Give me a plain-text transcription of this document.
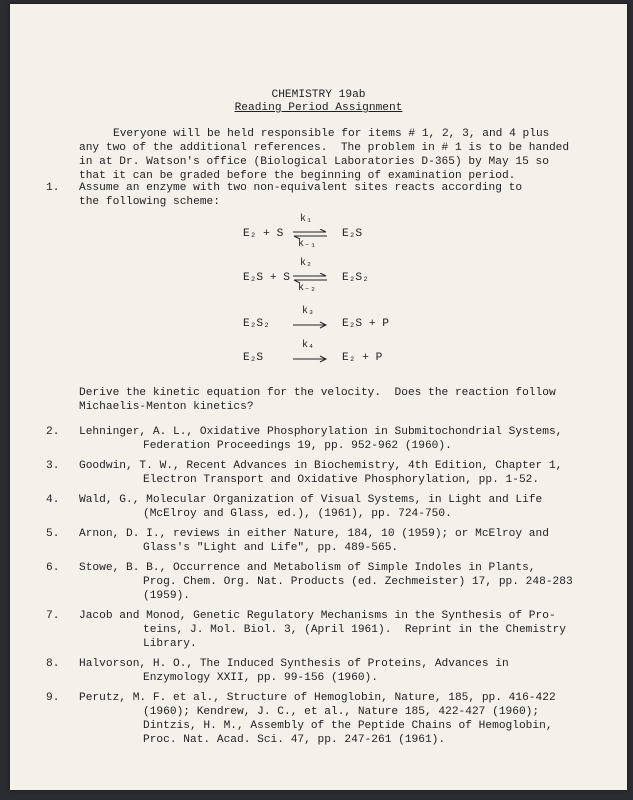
CHEMISTRY 19ab
Reading Period Assignment
Everyone will be held responsible for items # 1, 2, 3, and 4 plus
any two of the additional references.  The problem in # 1 is to be handed
in at Dr. Watson's office (Biological Laboratories D-365) by May 15 so
that it can be graded before the beginning of examination period.
1. Assume an enzyme with two non-equivalent sites reacts according to
the following scheme:
E₂ + S
k₁
k₋₁
E₂S
E₂S + S
k₂
k₋₂
E₂S₂
E₂S₂
k₃
E₂S + P
E₂S
k₄
E₂ + P
Derive the kinetic equation for the velocity.  Does the reaction follow
Michaelis-Menton kinetics?
2. Lehninger, A. L., Oxidative Phosphorylation in Submitochondrial Systems,
Federation Proceedings 19, pp. 952-962 (1960).
3. Goodwin, T. W., Recent Advances in Biochemistry, 4th Edition, Chapter 1,
Electron Transport and Oxidative Phosphorylation, pp. 1-52.
4. Wald, G., Molecular Organization of Visual Systems, in Light and Life
(McElroy and Glass, ed.), (1961), pp. 724-750.
5. Arnon, D. I., reviews in either Nature, 184, 10 (1959); or McElroy and
Glass's "Light and Life", pp. 489-565.
6. Stowe, B. B., Occurrence and Metabolism of Simple Indoles in Plants,
Prog. Chem. Org. Nat. Products (ed. Zechmeister) 17, pp. 248-283
(1959).
7. Jacob and Monod, Genetic Regulatory Mechanisms in the Synthesis of Pro-
teins, J. Mol. Biol. 3, (April 1961).  Reprint in the Chemistry
Library.
8. Halvorson, H. O., The Induced Synthesis of Proteins, Advances in
Enzymology XXII, pp. 99-156 (1960).
9. Perutz, M. F. et al., Structure of Hemoglobin, Nature, 185, pp. 416-422
(1960); Kendrew, J. C., et al., Nature 185, 422-427 (1960);
Dintzis, H. M., Assembly of the Peptide Chains of Hemoglobin,
Proc. Nat. Acad. Sci. 47, pp. 247-261 (1961).
